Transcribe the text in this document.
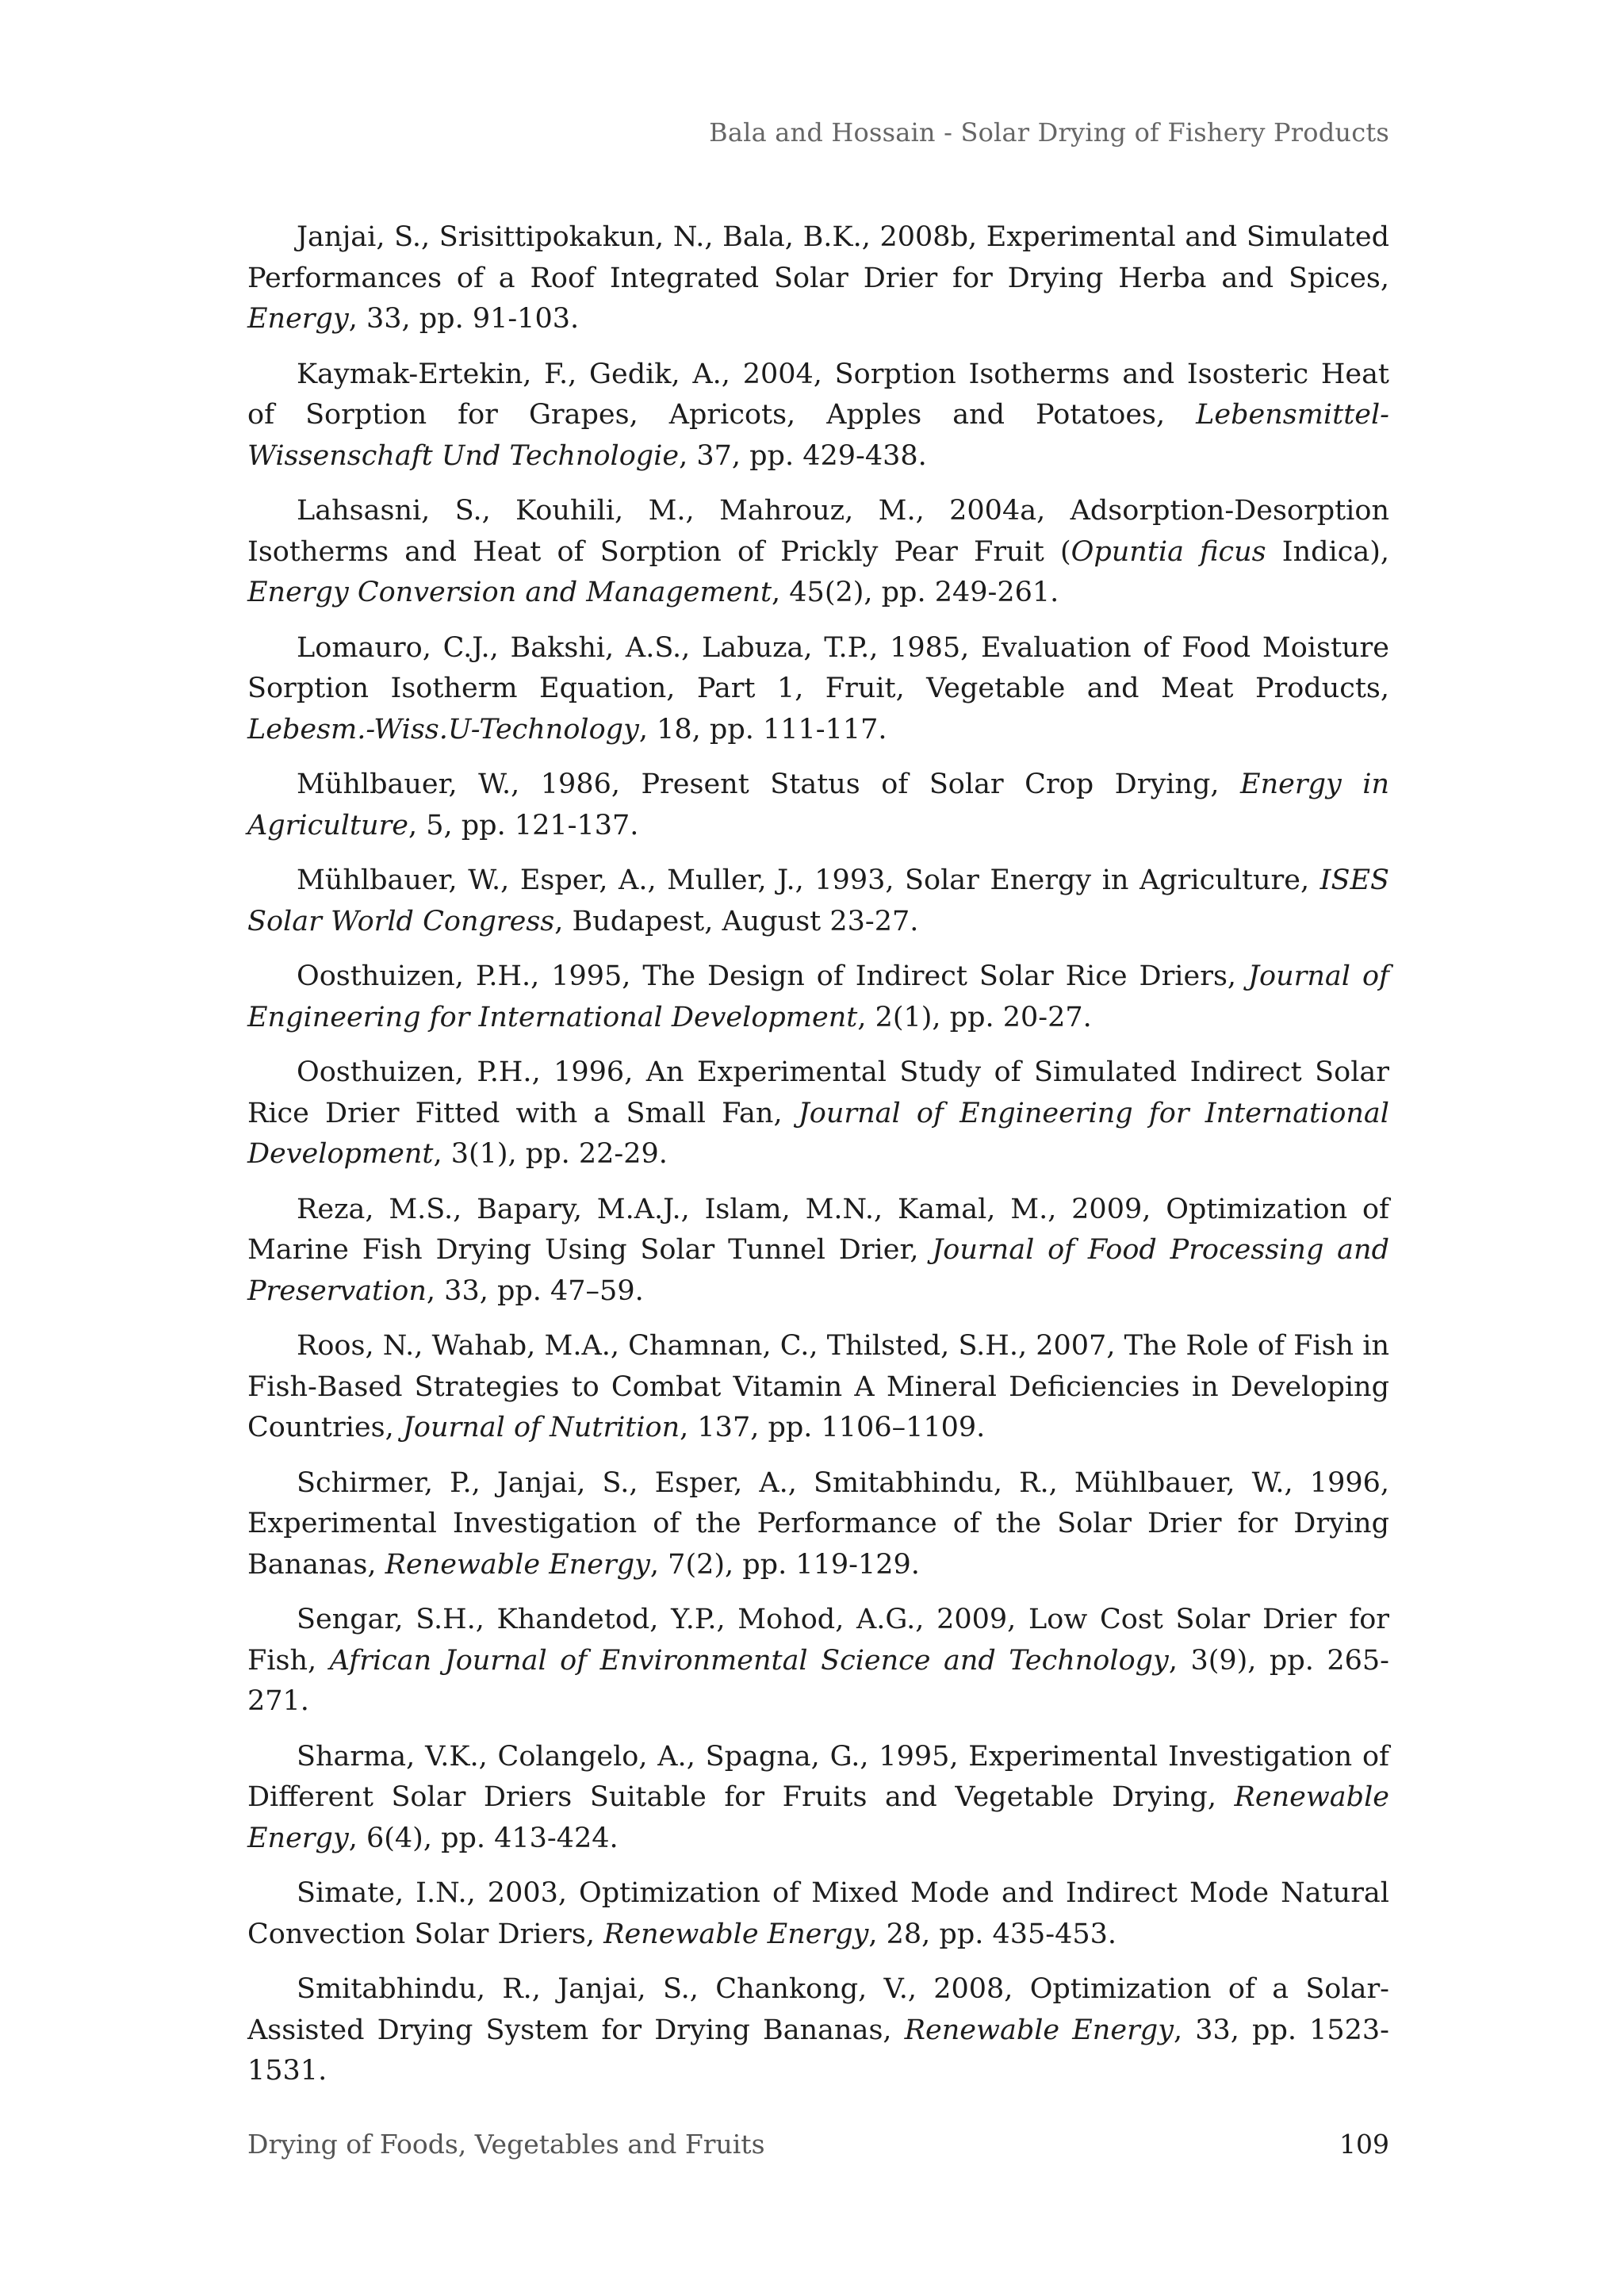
Bala and Hossain - Solar Drying of Fishery Products

Janjai, S., Srisittipokakun, N., Bala, B.K., 2008b, Experimental and Simulated Performances of a Roof Integrated Solar Drier for Drying Herba and Spices, Energy, 33, pp. 91-103.

Kaymak-Ertekin, F., Gedik, A., 2004, Sorption Isotherms and Isosteric Heat of Sorption for Grapes, Apricots, Apples and Potatoes, Lebensmittel-Wissenschaft Und Technologie, 37, pp. 429-438.

Lahsasni, S., Kouhili, M., Mahrouz, M., 2004a, Adsorption-Desorption Isotherms and Heat of Sorption of Prickly Pear Fruit (Opuntia ficus Indica), Energy Conversion and Management, 45(2), pp. 249-261.

Lomauro, C.J., Bakshi, A.S., Labuza, T.P., 1985, Evaluation of Food Moisture Sorption Isotherm Equation, Part 1, Fruit, Vegetable and Meat Products, Lebesm.-Wiss.U-Technology, 18, pp. 111-117.

Mühlbauer, W., 1986, Present Status of Solar Crop Drying, Energy in Agriculture, 5, pp. 121-137.

Mühlbauer, W., Esper, A., Muller, J., 1993, Solar Energy in Agriculture, ISES Solar World Congress, Budapest, August 23-27.

Oosthuizen, P.H., 1995, The Design of Indirect Solar Rice Driers, Journal of Engineering for International Development, 2(1), pp. 20-27.

Oosthuizen, P.H., 1996, An Experimental Study of Simulated Indirect Solar Rice Drier Fitted with a Small Fan, Journal of Engineering for International Development, 3(1), pp. 22-29.

Reza, M.S., Bapary, M.A.J., Islam, M.N., Kamal, M., 2009, Optimization of Marine Fish Drying Using Solar Tunnel Drier, Journal of Food Processing and Preservation, 33, pp. 47–59.

Roos, N., Wahab, M.A., Chamnan, C., Thilsted, S.H., 2007, The Role of Fish in Fish-Based Strategies to Combat Vitamin A Mineral Deficiencies in Developing Countries, Journal of Nutrition, 137, pp. 1106–1109.

Schirmer, P., Janjai, S., Esper, A., Smitabhindu, R., Mühlbauer, W., 1996, Experimental Investigation of the Performance of the Solar Drier for Drying Bananas, Renewable Energy, 7(2), pp. 119-129.

Sengar, S.H., Khandetod, Y.P., Mohod, A.G., 2009, Low Cost Solar Drier for Fish, African Journal of Environmental Science and Technology, 3(9), pp. 265-271.

Sharma, V.K., Colangelo, A., Spagna, G., 1995, Experimental Investigation of Different Solar Driers Suitable for Fruits and Vegetable Drying, Renewable Energy, 6(4), pp. 413-424.

Simate, I.N., 2003, Optimization of Mixed Mode and Indirect Mode Natural Convection Solar Driers, Renewable Energy, 28, pp. 435-453.

Smitabhindu, R., Janjai, S., Chankong, V., 2008, Optimization of a Solar-Assisted Drying System for Drying Bananas, Renewable Energy, 33, pp. 1523-1531.

Drying of Foods, Vegetables and Fruits	109
